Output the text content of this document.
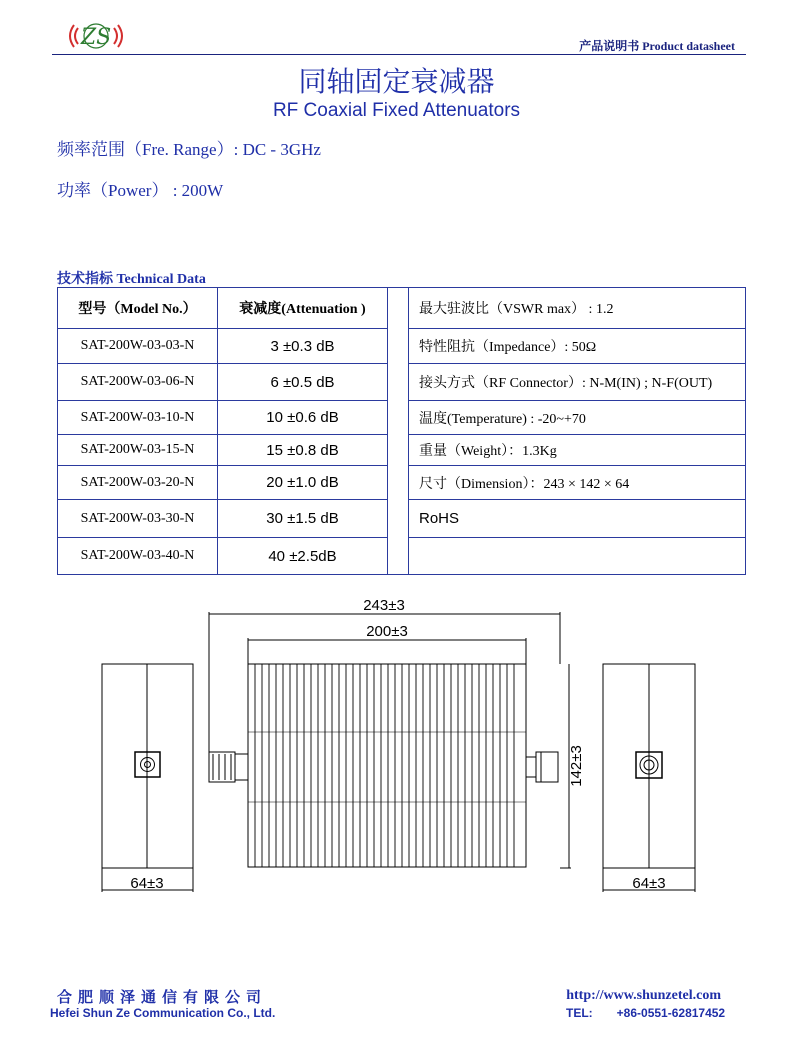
ZS	产品说明书 Product datasheet
同轴固定衰减器
RF Coaxial Fixed Attenuators
频率范围（Fre. Range）: DC - 3GHz
功率（Power） : 200W
技术指标 Technical Data
型号（Model No.）	衰减度(Attenuation )		最大驻波比（VSWR max） : 1.2
SAT-200W-03-03-N	3 ±0.3 dB		特性阻抗（Impedance）: 50Ω
SAT-200W-03-06-N	6 ±0.5 dB		接头方式（RF Connector）: N-M(IN) ; N-F(OUT)
SAT-200W-03-10-N	10 ±0.6 dB		温度(Temperature) : -20~+70
SAT-200W-03-15-N	15 ±0.8 dB		重量（Weight）：1.3Kg
SAT-200W-03-20-N	20 ±1.0 dB		尺寸（Dimension）：243 × 142 × 64
SAT-200W-03-30-N	30 ±1.5 dB		RoHS
SAT-200W-03-40-N	40 ±2.5dB		
243±3
200±3
142±3
64±3	64±3
合肥顺泽通信有限公司
Hefei Shun Ze Communication Co., Ltd.
http://www.shunzetel.com
TEL: +86-0551-62817452
